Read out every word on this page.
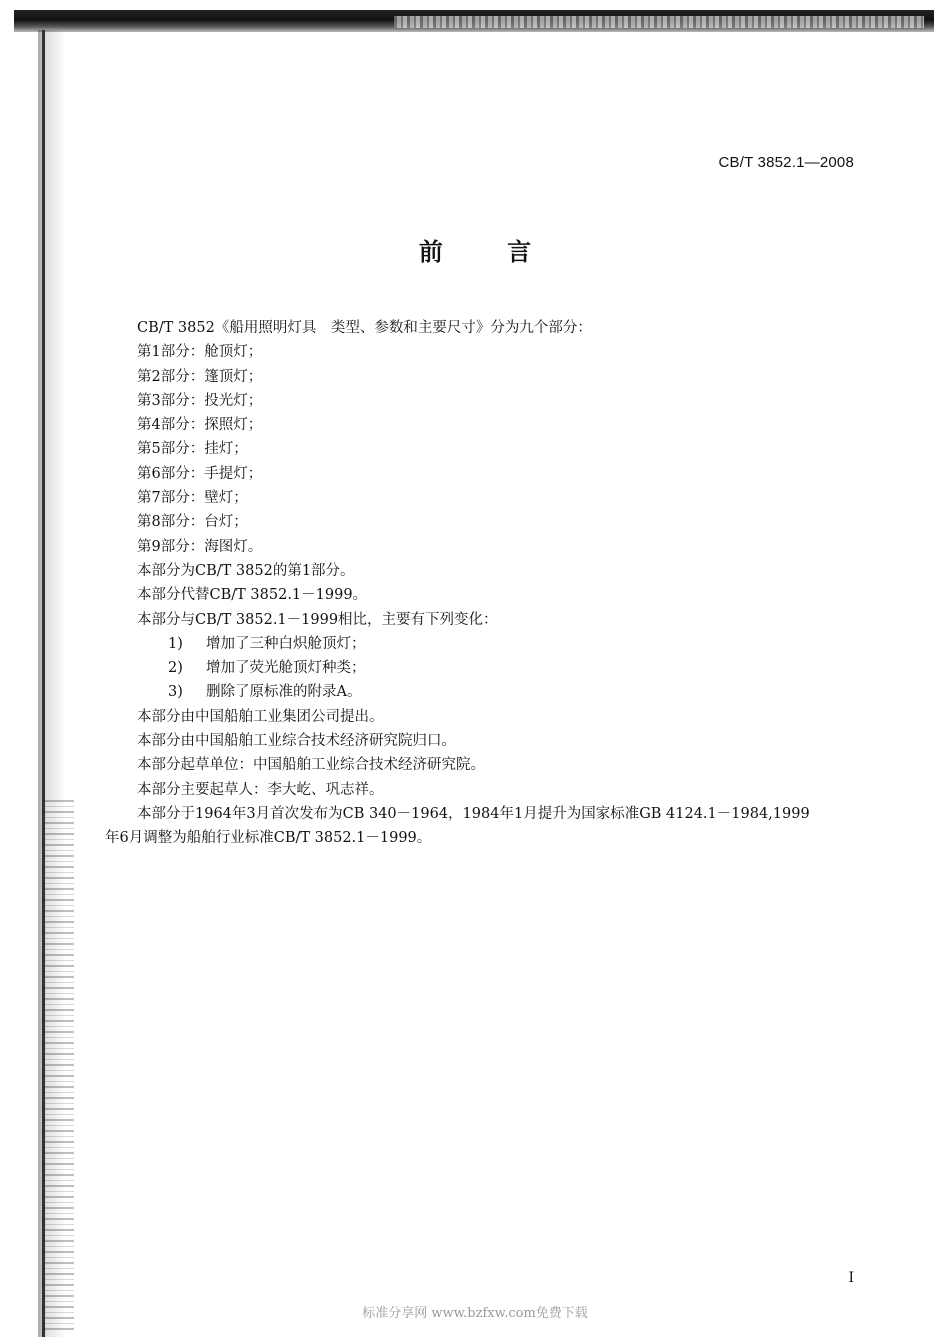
CB/T 3852.1—2008
前 言
CB/T 3852《船用照明灯具　类型、参数和主要尺寸》分为九个部分：
第1部分：舱顶灯；
第2部分：篷顶灯；
第3部分：投光灯；
第4部分：探照灯；
第5部分：挂灯；
第6部分：手提灯；
第7部分：壁灯；
第8部分：台灯；
第9部分：海图灯。
本部分为CB/T 3852的第1部分。
本部分代替CB/T 3852.1－1999。
本部分与CB/T 3852.1－1999相比，主要有下列变化：
1) 增加了三种白炽舱顶灯；
2) 增加了荧光舱顶灯种类；
3) 删除了原标准的附录A。
本部分由中国船舶工业集团公司提出。
本部分由中国船舶工业综合技术经济研究院归口。
本部分起草单位：中国船舶工业综合技术经济研究院。
本部分主要起草人：李大屹、巩志祥。
本部分于1964年3月首次发布为CB 340－1964，1984年1月提升为国家标准GB 4124.1－1984,1999
年6月调整为船舶行业标准CB/T 3852.1－1999。
I
标准分享网 www.bzfxw.com免费下载
